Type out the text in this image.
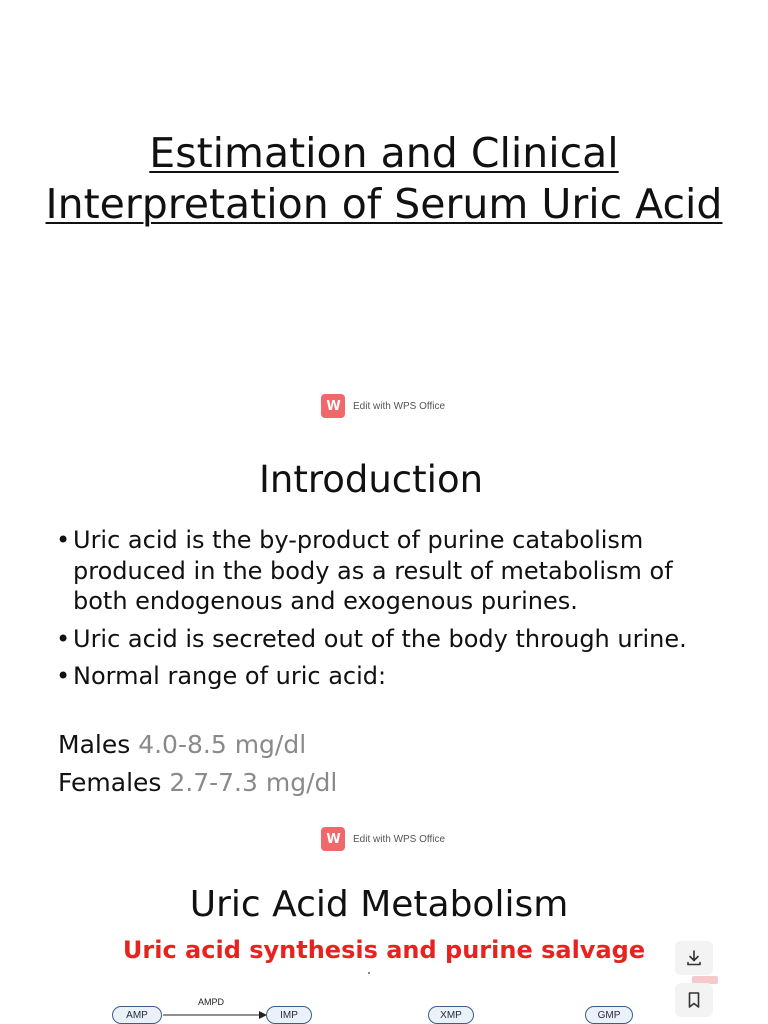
Estimation and Clinical Interpretation of Serum Uric Acid
W	Edit with WPS Office
Introduction
• Uric acid is the by-product of purine catabolism produced in the body as a result of metabolism of both endogenous and exogenous purines.
• Uric acid is secreted out of the body through urine.
• Normal range of uric acid:
Males 4.0-8.5 mg/dl
Females 2.7-7.3 mg/dl
W	Edit with WPS Office
Uric Acid Metabolism
Uric acid synthesis and purine salvage
AMP
AMPD
IMP	XMP	GMP
